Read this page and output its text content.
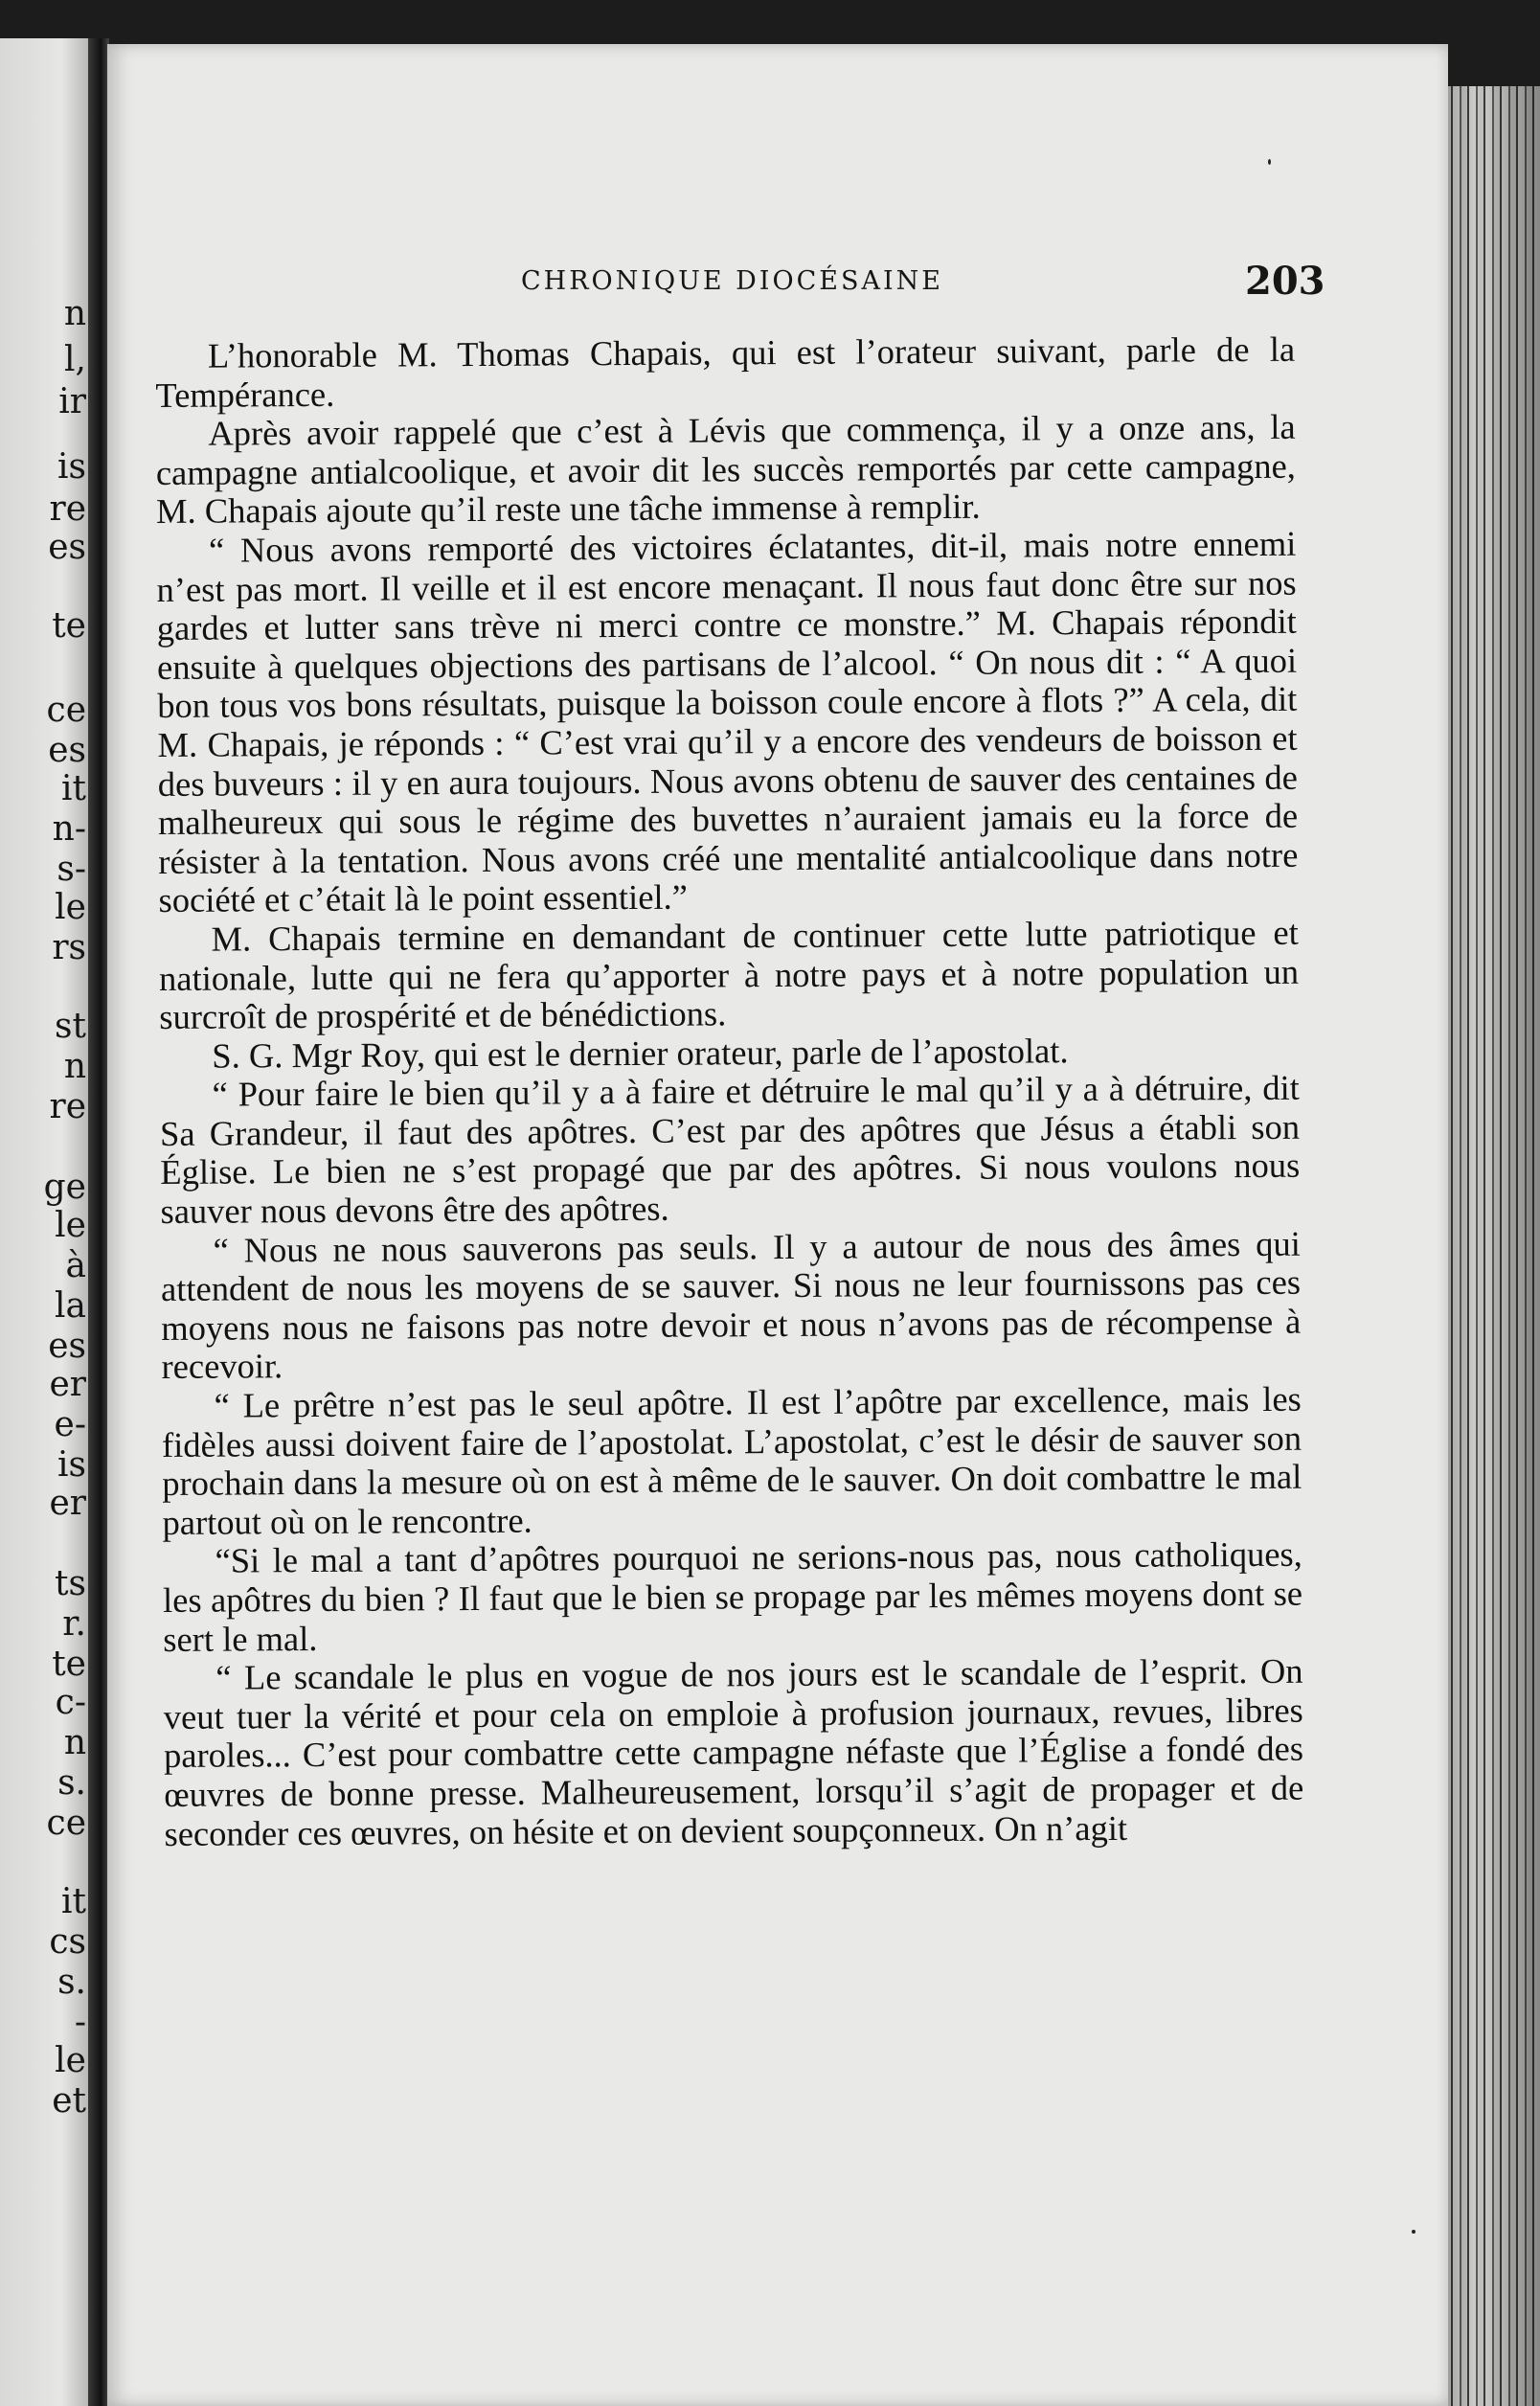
n
l,
ir
is
re
es
te
ce
es
it
n-
s-
le
rs
st
n
re
ge
le
à
la
es
er
e-
is
er
ts
r.
te
c-
n
s.
ce
it
cs
s.
-
le
et
CHRONIQUE DIOCÉSAINE	203

L’honorable M. Thomas Chapais, qui est l’orateur suivant, parle de la Tempérance.

Après avoir rappelé que c’est à Lévis que commença, il y a onze ans, la campagne antialcoolique, et avoir dit les succès remportés par cette campagne, M. Chapais ajoute qu’il reste une tâche immense à remplir.

“ Nous avons remporté des victoires éclatantes, dit-il, mais notre ennemi n’est pas mort. Il veille et il est encore menaçant. Il nous faut donc être sur nos gardes et lutter sans trève ni merci contre ce monstre.” M. Chapais répondit ensuite à quelques objections des partisans de l’alcool. “ On nous dit : “ A quoi bon tous vos bons résultats, puisque la boisson coule encore à flots ?” A cela, dit M. Chapais, je réponds : “ C’est vrai qu’il y a encore des vendeurs de boisson et des buveurs : il y en aura toujours. Nous avons obtenu de sauver des centaines de malheureux qui sous le régime des buvettes n’auraient jamais eu la force de résister à la tentation. Nous avons créé une mentalité antialcoolique dans notre société et c’était là le point essentiel.”

M. Chapais termine en demandant de continuer cette lutte patriotique et nationale, lutte qui ne fera qu’apporter à notre pays et à notre population un surcroît de prospérité et de bénédictions.

S. G. Mgr Roy, qui est le dernier orateur, parle de l’apostolat.

“ Pour faire le bien qu’il y a à faire et détruire le mal qu’il y a à détruire, dit Sa Grandeur, il faut des apôtres. C’est par des apôtres que Jésus a établi son Église. Le bien ne s’est propagé que par des apôtres. Si nous voulons nous sauver nous devons être des apôtres.

“ Nous ne nous sauverons pas seuls. Il y a autour de nous des âmes qui attendent de nous les moyens de se sauver. Si nous ne leur fournissons pas ces moyens nous ne faisons pas notre devoir et nous n’avons pas de récompense à recevoir.

“ Le prêtre n’est pas le seul apôtre. Il est l’apôtre par excellence, mais les fidèles aussi doivent faire de l’apostolat. L’apostolat, c’est le désir de sauver son prochain dans la mesure où on est à même de le sauver. On doit combattre le mal partout où on le rencontre.

“Si le mal a tant d’apôtres pourquoi ne serions-nous pas, nous catholiques, les apôtres du bien ? Il faut que le bien se propage par les mêmes moyens dont se sert le mal.

“ Le scandale le plus en vogue de nos jours est le scandale de l’esprit. On veut tuer la vérité et pour cela on emploie à profusion journaux, revues, libres paroles... C’est pour combattre cette campagne néfaste que l’Église a fondé des œuvres de bonne presse. Malheureusement, lorsqu’il s’agit de propager et de seconder ces œuvres, on hésite et on devient soupçonneux. On n’agit
